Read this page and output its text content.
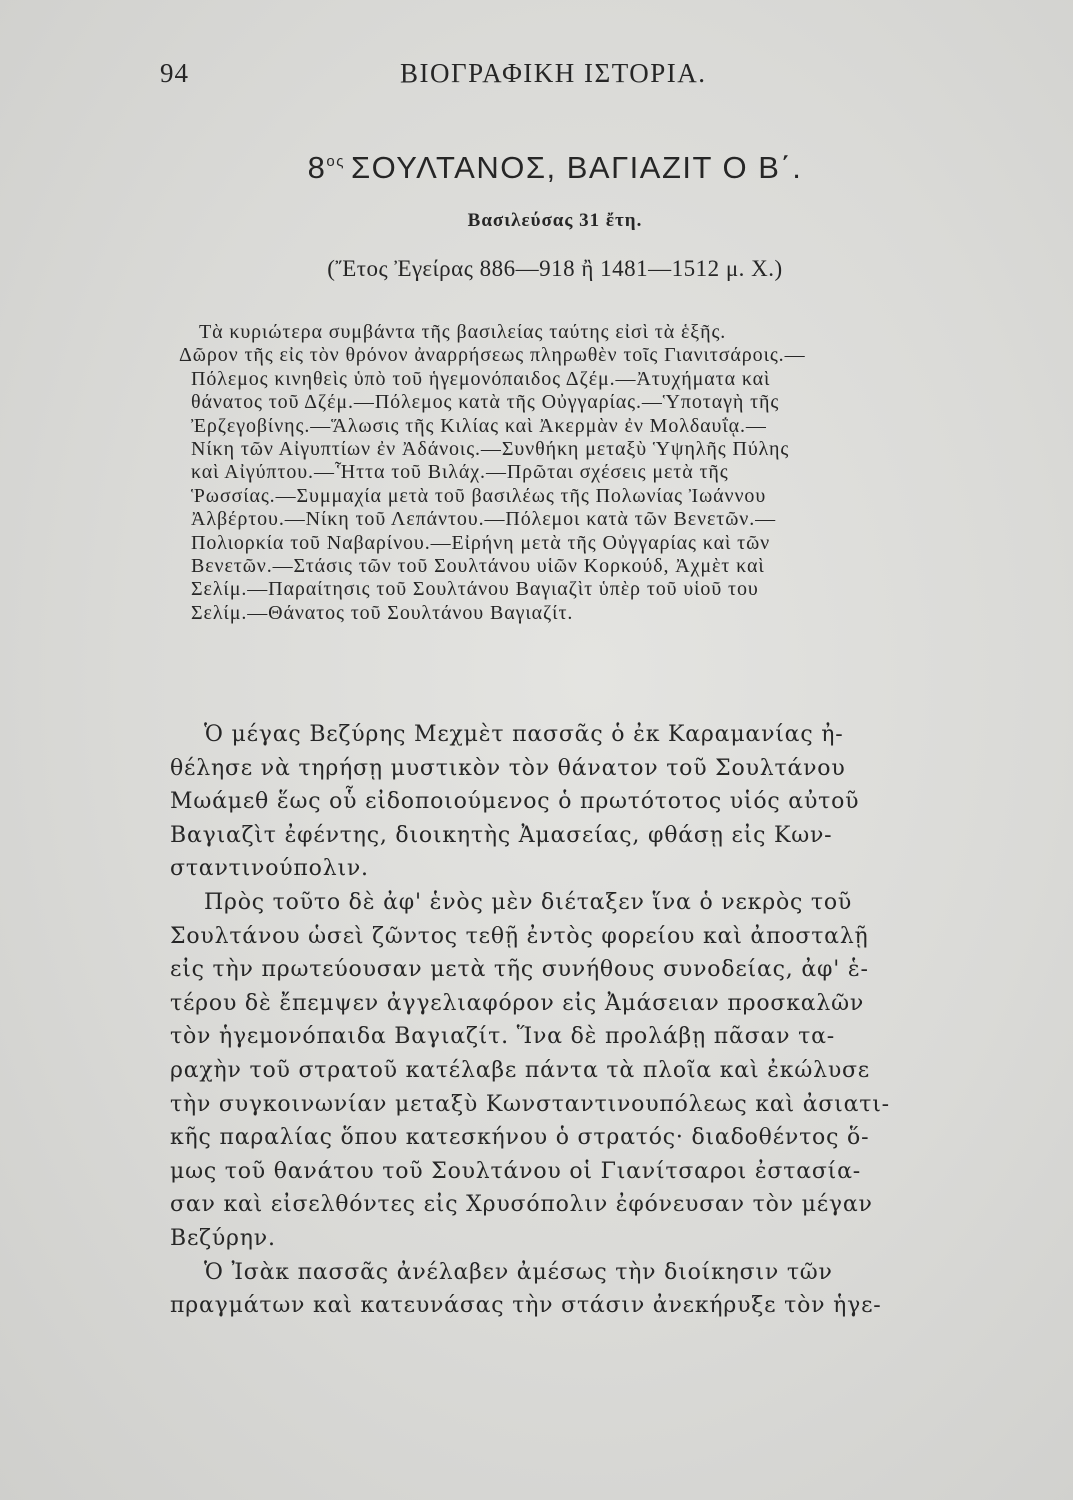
94	ΒΙΟΓΡΑΦΙΚΗ ΙΣΤΟΡΙΑ.
$8^{o\varsigma}$ ΣΟΥΛΤΑΝΟΣ, ΒΑΓΙΑΖΙΤ Ο Β΄.
Βασιλεύσας 31 ἔτη.
(Ἔτος Ἐγείρας 886—918 ἢ 1481—1512 μ. Χ.)
Τὰ κυριώτερα συμβάντα τῆς βασιλείας ταύτης εἰσὶ τὰ ἑξῆς.
Δῶρον τῆς εἰς τὸν θρόνον ἀναρρήσεως πληρωθὲν τοῖς Γιανιτσάροις.—
Πόλεμος κινηθεὶς ὑπὸ τοῦ ἡγεμονόπαιδος Δζέμ.—Ἀτυχήματα καὶ
θάνατος τοῦ Δζέμ.—Πόλεμος κατὰ τῆς Οὐγγαρίας.—Ὑποταγὴ τῆς
Ἐρζεγοβίνης.—Ἅλωσις τῆς Κιλίας καὶ Ἀκερμὰν ἐν Μολδαυΐᾳ.—
Νίκη τῶν Αἰγυπτίων ἐν Ἀδάνοις.—Συνθήκη μεταξὺ Ὑψηλῆς Πύλης
καὶ Αἰγύπτου.—Ἧττα τοῦ Βιλάχ.—Πρῶται σχέσεις μετὰ τῆς
Ῥωσσίας.—Συμμαχία μετὰ τοῦ βασιλέως τῆς Πολωνίας Ἰωάννου
Ἀλβέρτου.—Νίκη τοῦ Λεπάντου.—Πόλεμοι κατὰ τῶν Βενετῶν.—
Πολιορκία τοῦ Ναβαρίνου.—Εἰρήνη μετὰ τῆς Οὐγγαρίας καὶ τῶν
Βενετῶν.—Στάσις τῶν τοῦ Σουλτάνου υἱῶν Κορκούδ, Ἀχμὲτ καὶ
Σελίμ.—Παραίτησις τοῦ Σουλτάνου Βαγιαζὶτ ὑπὲρ τοῦ υἱοῦ του
Σελίμ.—Θάνατος τοῦ Σουλτάνου Βαγιαζίτ.
Ὁ μέγας Βεζύρης Μεχμὲτ πασσᾶς ὁ ἐκ Καραμανίας ἠ-
θέλησε νὰ τηρήσῃ μυστικὸν τὸν θάνατον τοῦ Σουλτάνου
Μωάμεθ ἕως οὗ εἰδοποιούμενος ὁ πρωτότοτος υἱός αὐτοῦ
Βαγιαζὶτ ἐφέντης, διοικητὴς Ἀμασείας, φθάσῃ εἰς Κων-
σταντινούπολιν.
Πρὸς τοῦτο δὲ ἀφ' ἑνὸς μὲν διέταξεν ἵνα ὁ νεκρὸς τοῦ
Σουλτάνου ὡσεὶ ζῶντος τεθῇ ἐντὸς φορείου καὶ ἀποσταλῇ
εἰς τὴν πρωτεύουσαν μετὰ τῆς συνήθους συνοδείας, ἀφ' ἑ-
τέρου δὲ ἔπεμψεν ἀγγελιαφόρον εἰς Ἀμάσειαν προσκαλῶν
τὸν ἡγεμονόπαιδα Βαγιαζίτ. Ἵνα δὲ προλάβῃ πᾶσαν τα-
ραχὴν τοῦ στρατοῦ κατέλαβε πάντα τὰ πλοῖα καὶ ἐκώλυσε
τὴν συγκοινωνίαν μεταξὺ Κωνσταντινουπόλεως καὶ ἀσιατι-
κῆς παραλίας ὅπου κατεσκήνου ὁ στρατός· διαδοθέντος ὅ-
μως τοῦ θανάτου τοῦ Σουλτάνου οἱ Γιανίτσαροι ἐστασία-
σαν καὶ εἰσελθόντες εἰς Χρυσόπολιν ἐφόνευσαν τὸν μέγαν
Βεζύρην.
Ὁ Ἰσὰκ πασσᾶς ἀνέλαβεν ἀμέσως τὴν διοίκησιν τῶν
πραγμάτων καὶ κατευνάσας τὴν στάσιν ἀνεκήρυξε τὸν ἡγε-
